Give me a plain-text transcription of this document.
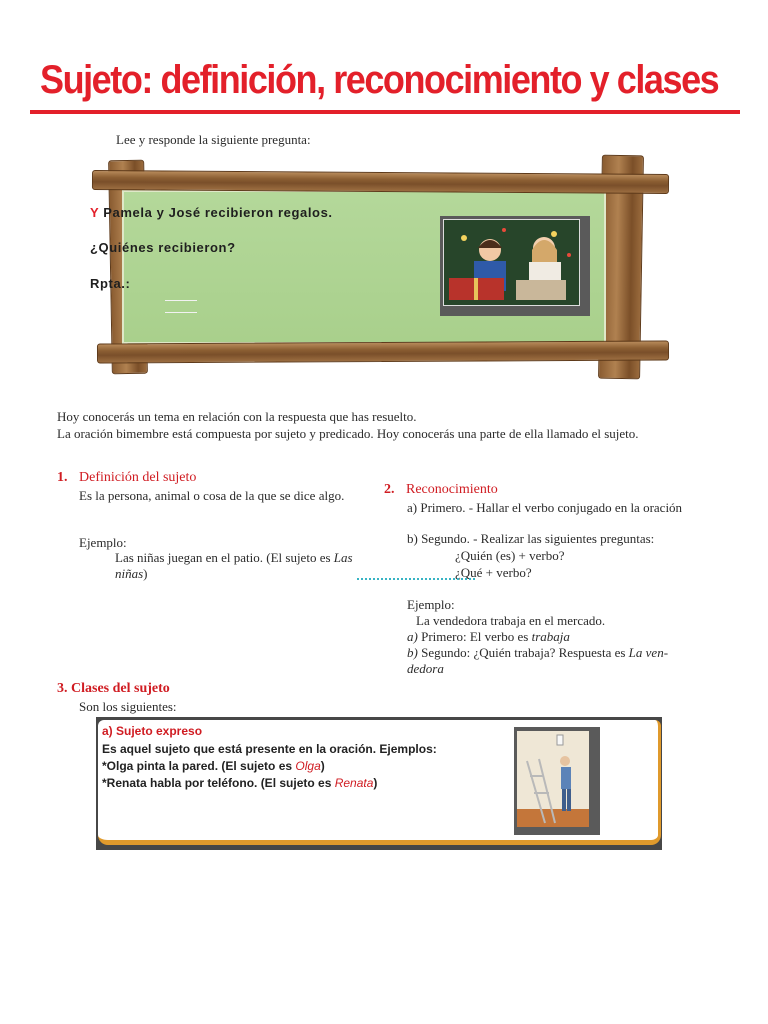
Sujeto: definición, reconocimiento y clases
Lee y responde la siguiente pregunta:
Y Pamela y José recibieron regalos.
¿Quiénes recibieron?
Rpta.:
Hoy conocerás un tema en relación con la respuesta que has resuelto.
La oración bimembre está compuesta por sujeto y predicado. Hoy conocerás una parte de ella llamado el sujeto.
1. Definición del sujeto
Es la persona, animal o cosa de la que se dice algo.
Ejemplo:
Las niñas juegan en el patio. (El sujeto es Las niñas)
2. Reconocimiento
a) Primero. - Hallar el verbo conjugado en la oración
b) Segundo. - Realizar las siguientes preguntas:
¿Quién (es) + verbo?
¿Qué + verbo?
Ejemplo:
La vendedora trabaja en el mercado.
a) Primero: El verbo es trabaja
b) Segundo: ¿Quién trabaja? Respuesta es La ven- dedora
3. Clases del sujeto
Son los siguientes:
a) Sujeto expreso
Es aquel sujeto que está presente en la oración. Ejemplos:
*Olga pinta la pared. (El sujeto es Olga)
*Renata habla por teléfono. (El sujeto es Renata)
